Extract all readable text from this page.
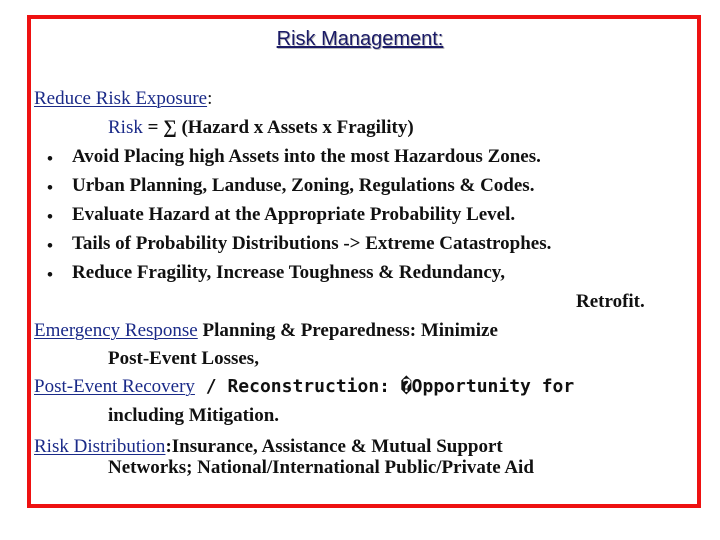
Risk Management:
Reduce Risk Exposure:
Risk = ∑ (Hazard x Assets x Fragility)
• Avoid Placing high Assets into the most Hazardous Zones.
• Urban Planning, Landuse, Zoning, Regulations & Codes.
• Evaluate Hazard at the Appropriate Probability Level.
• Tails of Probability Distributions -> Extreme Catastrophes.
• Reduce Fragility, Increase Toughness & Redundancy,
Retrofit.
Emergency Response Planning & Preparedness: Minimize
Post-Event Losses,
Post-Event Recovery / Reconstruction: �Opportunity for
including Mitigation.
Risk Distribution:Insurance, Assistance & Mutual Support
Networks; National/International Public/Private Aid
